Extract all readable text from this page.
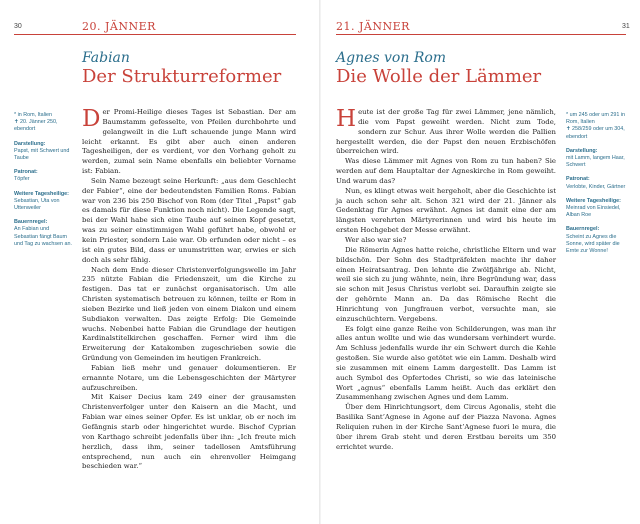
30	20. JÄNNER
Fabian
Der Strukturreformer
* in Rom, Italien
✝ 20. Jänner 250, ebendort
Darstellung:
Papst, mit Schwert und Taube
Patronat:
Töpfer
Weitere Tagesheilige:
Sebastian, Uta von Uttenweiler
Bauernregel:
An Fabian und Sebastian fängt Baum und Tag zu wachsen an.

Der Promi-Heilige dieses Tages ist Sebastian. Der am Baumstamm gefesselte, von Pfeilen durchbohrte und gelangweilt in die Luft schauende junge Mann wird leicht erkannt. Es gibt aber auch einen anderen Tagesheiligen, der es verdient, vor den Vorhang geholt zu werden, zumal sein Name ebenfalls ein beliebter Vorname ist: Fabian.

Sein Name bezeugt seine Herkunft: „aus dem Geschlecht der Fabier“, eine der bedeutendsten Familien Roms. Fabian war von 236 bis 250 Bischof von Rom (der Titel „Papst“ gab es damals für diese Funktion noch nicht). Die Legende sagt, bei der Wahl habe sich eine Taube auf seinen Kopf gesetzt, was zu seiner einstimmigen Wahl geführt habe, obwohl er kein Priester, sondern Laie war. Ob erfunden oder nicht – es ist ein gutes Bild, dass er unumstritten war, erwies er sich doch als sehr fähig.

Nach dem Ende dieser Christenverfolgungswelle im Jahr 235 nützte Fabian die Friedenszeit, um die Kirche zu festigen. Das tat er zunächst organisatorisch. Um alle Christen systematisch betreuen zu können, teilte er Rom in sieben Bezirke und ließ jeden von einem Diakon und einem Subdiakon verwalten. Das zeigte Erfolg: Die Gemeinde wuchs. Nebenbei hatte Fabian die Grundlage der heutigen Kardinalstitelkirchen geschaffen. Ferner wird ihm die Erweiterung der Katakomben zugeschrieben sowie die Gründung von Gemeinden im heutigen Frankreich.

Fabian ließ mehr und genauer dokumentieren. Er ernannte Notare, um die Lebensgeschichten der Märtyrer aufzuschreiben.

Mit Kaiser Decius kam 249 einer der grausamsten Christenverfolger unter den Kaisern an die Macht, und Fabian war eines seiner Opfer. Es ist unklar, ob er noch im Gefängnis starb oder hingerichtet wurde. Bischof Cyprian von Karthago schreibt jedenfalls über ihn: „Ich freute mich herzlich, dass ihm, seiner tadellosen Amtsführung entsprechend, nun auch ein ehrenvoller Heimgang beschieden war.“

21. JÄNNER	31
Agnes von Rom
Die Wolle der Lämmer

Heute ist der große Tag für zwei Lämmer, jene nämlich, die vom Papst geweiht werden. Nicht zum Tode, sondern zur Schur. Aus ihrer Wolle werden die Pallien hergestellt werden, die der Papst den neuen Erzbischöfen überreichen wird.

Was diese Lämmer mit Agnes von Rom zu tun haben? Sie werden auf dem Hauptaltar der Agneskirche in Rom geweiht. Und warum das?

Nun, es klingt etwas weit hergeholt, aber die Geschichte ist ja auch schon sehr alt. Schon 321 wird der 21. Jänner als Gedenktag für Agnes erwähnt. Agnes ist damit eine der am längsten verehrten Märtyrerinnen und wird bis heute im ersten Hochgebet der Messe erwähnt.

Wer also war sie?

Die Römerin Agnes hatte reiche, christliche Eltern und war bildschön. Der Sohn des Stadtpräfekten machte ihr daher einen Heiratsantrag. Den lehnte die Zwölfjährige ab. Nicht, weil sie sich zu jung wähnte, nein, ihre Begründung war, dass sie schon mit Jesus Christus verlobt sei. Daraufhin zeigte sie der gehörnte Mann an. Da das Römische Recht die Hinrichtung von Jungfrauen verbot, versuchte man, sie einzuschüchtern. Vergebens.

Es folgt eine ganze Reihe von Schilderungen, was man ihr alles antun wollte und wie das wundersam verhindert wurde. Am Schluss jedenfalls wurde ihr ein Schwert durch die Kehle gestoßen. Sie wurde also getötet wie ein Lamm. Deshalb wird sie zusammen mit einem Lamm dargestellt. Das Lamm ist auch Symbol des Opfertodes Christi, so wie das lateinische Wort „agnus“ ebenfalls Lamm heißt. Auch das erklärt den Zusammenhang zwischen Agnes und dem Lamm.

Über dem Hinrichtungsort, dem Circus Agonalis, steht die Basilika Sant’Agnese in Agone auf der Piazza Navona. Agnes Reliquien ruhen in der Kirche Sant’Agnese fuori le mura, die über ihrem Grab steht und deren Erstbau bereits um 350 errichtet wurde.

* um 245 oder um 291 in Rom, Italien
✝ 258/259 oder um 304, ebendort
Darstellung:
mit Lamm, langem Haar, Schwert
Patronat:
Verlobte, Kinder, Gärtner
Weitere Tagesheilige:
Meinrad von Einsiedel, Alban Roe
Bauernregel:
Scheint zu Agnes die Sonne, wird später die Ernte zur Wonne!
